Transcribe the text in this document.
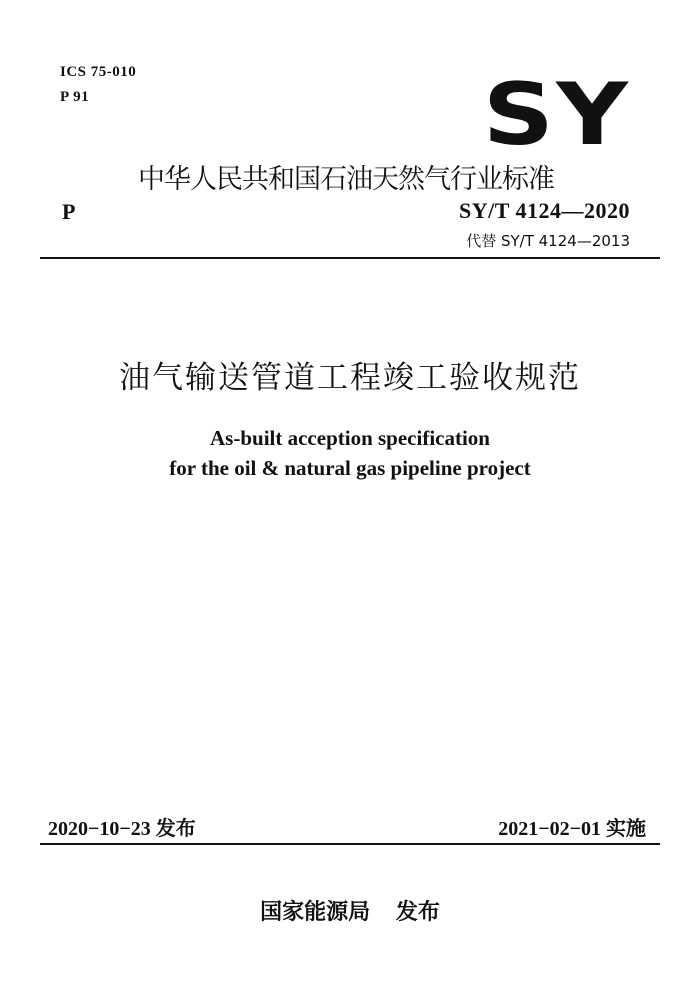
ICS 75-010
P 91	SY
中华人民共和国石油天然气行业标准
P	SY/T 4124—2020
代替 SY/T 4124—2013
油气输送管道工程竣工验收规范
As-built acception specification
for the oil & natural gas pipeline project
2020−10−23 发布	2021−02−01 实施
国家能源局 发布
